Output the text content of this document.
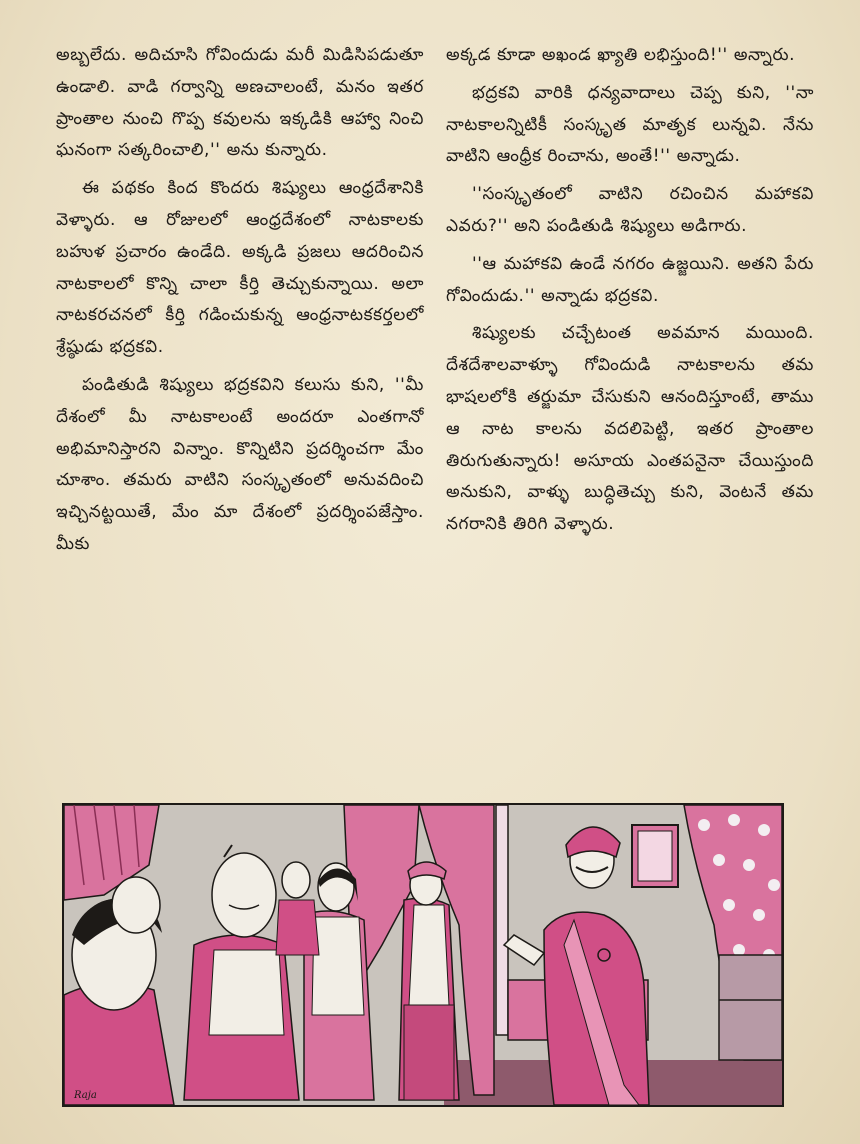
అబ్బలేదు. అదిచూసి గోవిందుడు మరీ మిడిసిపడుతూ ఉండాలి. వాడి గర్వాన్ని అణచాలంటే, మనం ఇతర ప్రాంతాల నుంచి గొప్ప కవులను ఇక్కడికి ఆహ్వా నించి ఘనంగా సత్కరించాలి,'' అను కున్నారు.

ఈ పథకం కింద కొందరు శిష్యులు ఆంధ్రదేశానికి వెళ్ళారు. ఆ రోజులలో ఆంధ్రదేశంలో నాటకాలకు బహుళ ప్రచారం ఉండేది. అక్కడి ప్రజలు ఆదరించిన నాటకాలలో కొన్ని చాలా కీర్తి తెచ్చుకున్నాయి. అలా నాటకరచనలో కీర్తి గడించుకున్న ఆంధ్రనాటకకర్తలలో శ్రేష్ఠుడు భద్రకవి.

పండితుడి శిష్యులు భద్రకవిని కలుసు కుని, ''మీ దేశంలో మీ నాటకాలంటే అందరూ ఎంతగానో అభిమానిస్తారని విన్నాం. కొన్నిటిని ప్రదర్శించగా మేం చూశాం. తమరు వాటిని సంస్కృతంలో అనువదించి ఇచ్చినట్టయితే, మేం మా దేశంలో ప్రదర్శింపజేస్తాం. మీకు

అక్కడ కూడా అఖండ ఖ్యాతి లభిస్తుంది!'' అన్నారు.

భద్రకవి వారికి ధన్యవాదాలు చెప్ప కుని, ''నా నాటకాలన్నిటికీ సంస్కృత మాతృక లున్నవి. నేను వాటిని ఆంధ్రీక రించాను, అంతే!'' అన్నాడు.

''సంస్కృతంలో వాటిని రచించిన మహాకవి ఎవరు?'' అని పండితుడి శిష్యులు అడిగారు.

''ఆ మహాకవి ఉండే నగరం ఉజ్జయిని. అతని పేరు గోవిందుడు.'' అన్నాడు భద్రకవి.

శిష్యులకు చచ్చేటంత అవమాన మయింది. దేశదేశాలవాళ్ళూ గోవిందుడి నాటకాలను తమ భాషలలోకి తర్జుమా చేసుకుని ఆనందిస్తూంటే, తాము ఆ నాట కాలను వదలిపెట్టి, ఇతర ప్రాంతాల తిరుగుతున్నారు! అసూయ ఎంతపనైనా చేయిస్తుంది అనుకుని, వాళ్ళు బుద్ధితెచ్చు కుని, వెంటనే తమ నగరానికి తిరిగి వెళ్ళారు.

Raja
